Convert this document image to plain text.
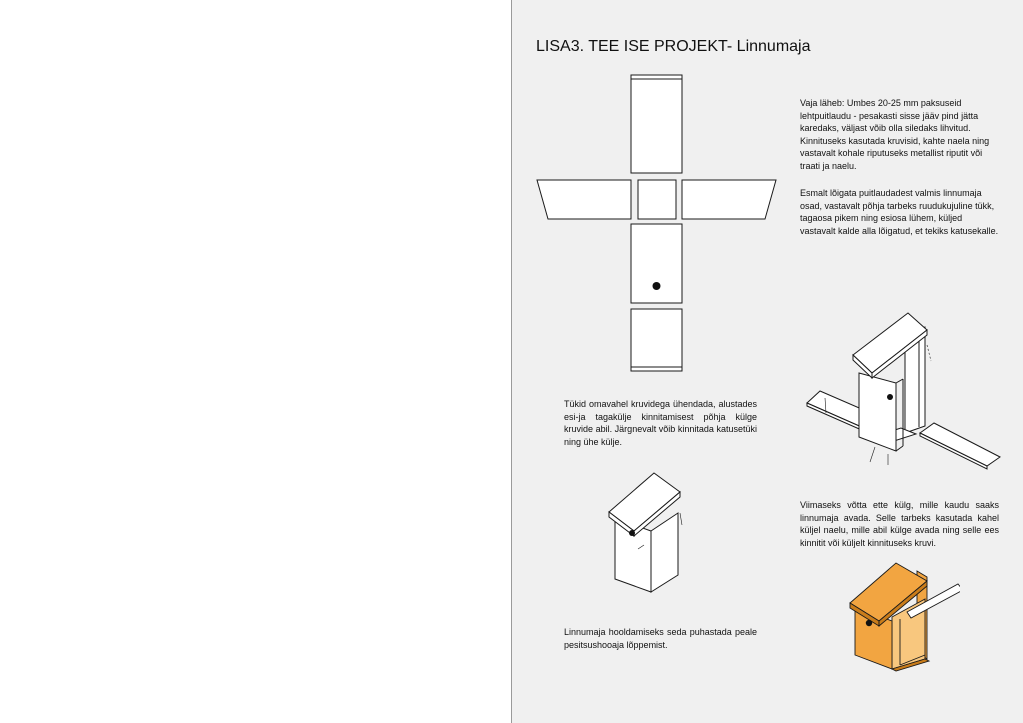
LISA3. TEE ISE PROJEKT- Linnumaja

Vaja läheb: Umbes 20-25 mm paksuseid lehtpuitlaudu - pesakasti sisse jääv pind jätta karedaks, väljast võib olla siledaks lihvitud. Kinnituseks kasutada kruvisid, kahte naela ning vastavalt kohale riputuseks metallist riputit või traati ja naelu.

Esmalt lõigata puitlaudadest valmis linnumaja osad, vastavalt põhja tarbeks ruudukujuline tükk, tagaosa pikem ning esiosa lühem, küljed vastavalt kalde alla lõigatud, et tekiks katusekalle.

Tükid omavahel kruvidega ühendada, alustades esi-ja tagakülje kinnitamisest põhja külge kruvide abil. Järgnevalt võib kinnitada katusetüki ning ühe külje.

Viimaseks võtta ette külg, mille kaudu saaks linnumaja avada. Selle tarbeks kasutada kahel küljel naelu, mille abil külge avada ning selle ees kinnitit või küljelt kinnituseks kruvi.

Linnumaja hooldamiseks seda puhastada peale pesitsushooaja lõppemist.
